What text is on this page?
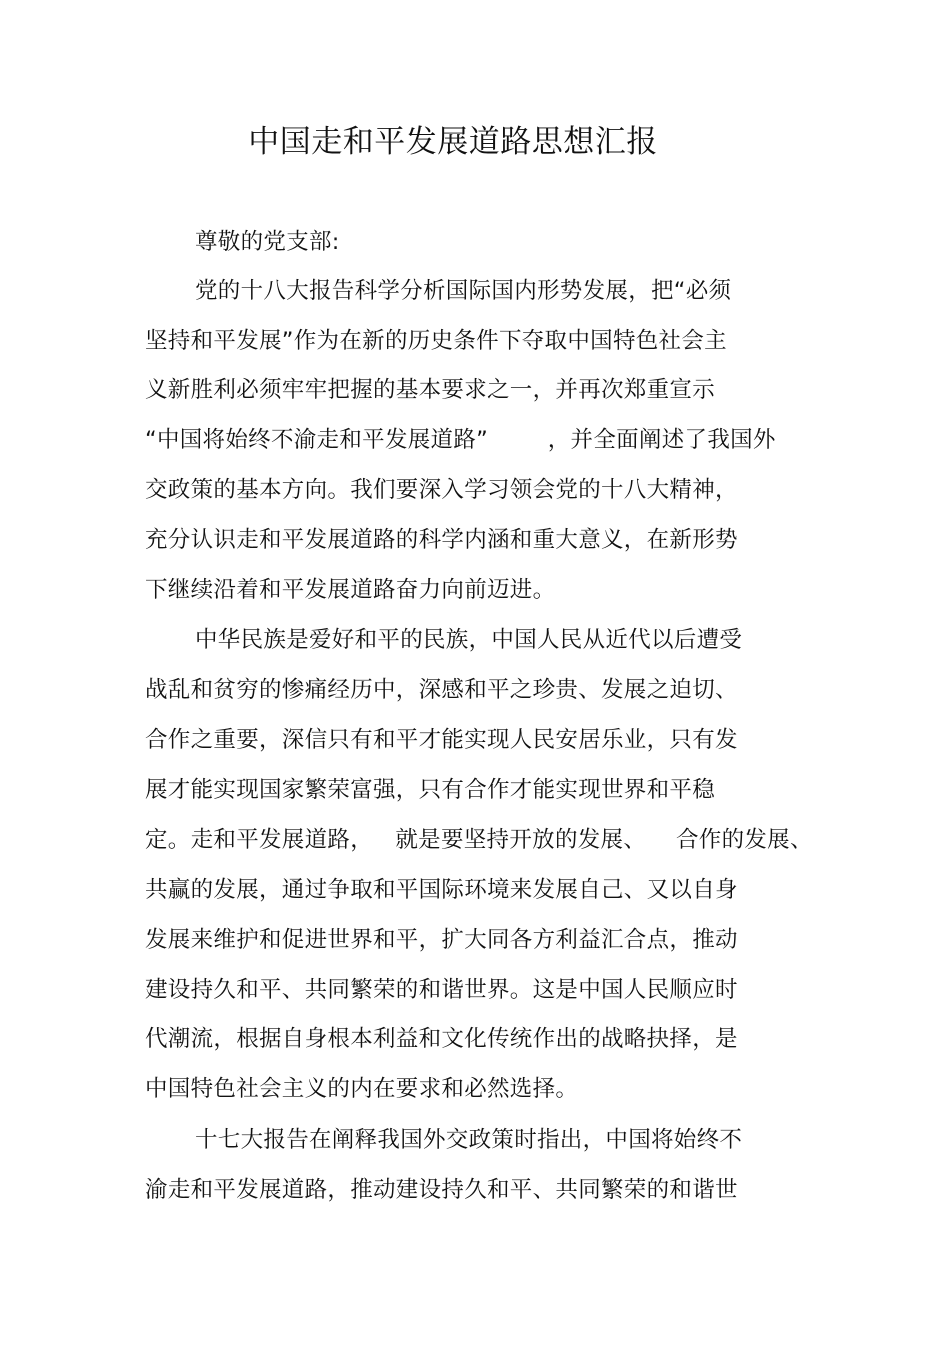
中国走和平发展道路思想汇报
尊敬的党支部:
党的十八大报告科学分析国际国内形势发展，把“必须
坚持和平发展”作为在新的历史条件下夺取中国特色社会主
义新胜利必须牢牢把握的基本要求之一，并再次郑重宣示
“中国将始终不渝走和平发展道路”        ，并全面阐述了我国外
交政策的基本方向。我们要深入学习领会党的十八大精神，
充分认识走和平发展道路的科学内涵和重大意义，在新形势
下继续沿着和平发展道路奋力向前迈进。
中华民族是爱好和平的民族，中国人民从近代以后遭受
战乱和贫穷的惨痛经历中，深感和平之珍贵、发展之迫切、
合作之重要，深信只有和平才能实现人民安居乐业，只有发
展才能实现国家繁荣富强，只有合作才能实现世界和平稳
定。走和平发展道路，   就是要坚持开放的发展、    合作的发展、
共赢的发展，通过争取和平国际环境来发展自己、又以自身
发展来维护和促进世界和平，扩大同各方利益汇合点，推动
建设持久和平、共同繁荣的和谐世界。这是中国人民顺应时
代潮流，根据自身根本利益和文化传统作出的战略抉择，是
中国特色社会主义的内在要求和必然选择。
十七大报告在阐释我国外交政策时指出，中国将始终不
渝走和平发展道路，推动建设持久和平、共同繁荣的和谐世
